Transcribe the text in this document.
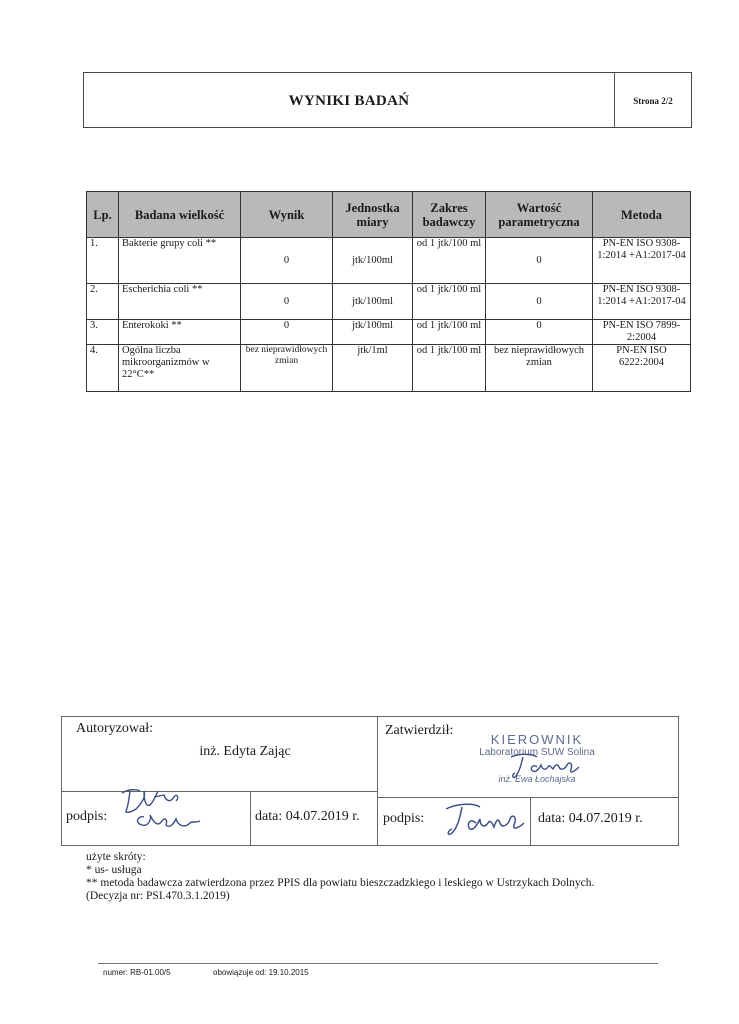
WYNIKI BADAŃ	Strona 2/2
Lp.	Badana wielkość	Wynik	Jednostka miary	Zakres badawczy	Wartość parametryczna	Metoda
1.	Bakterie grupy coli **	0	jtk/100ml	od 1 jtk/100 ml	0	PN-EN ISO 9308-1:2014 +A1:2017-04
2.	Escherichia coli **	0	jtk/100ml	od 1 jtk/100 ml	0	PN-EN ISO 9308-1:2014 +A1:2017-04
3.	Enterokoki **	0	jtk/100ml	od 1 jtk/100 ml	0	PN-EN ISO 7899-2:2004
4.	Ogólna liczba mikroorganizmów w 22°C**	bez nieprawidłowych zmian	jtk/1ml	od 1 jtk/100 ml	bez nieprawidłowych zmian	PN-EN ISO 6222:2004
Autoryzował:
inż. Edyta Zając
Zatwierdził:
KIEROWNIK
Laboratorium SUW Solina
inż. Ewa Łochajska
podpis:	data: 04.07.2019 r. podpis:	data: 04.07.2019 r.
użyte skróty:
* us- usługa
** metoda badawcza zatwierdzona przez PPIS dla powiatu bieszczadzkiego i leskiego w Ustrzykach Dolnych.
(Decyzja nr: PSI.470.3.1.2019)
numer: RB-01.00/5	obowiązuje od: 19.10.2015
